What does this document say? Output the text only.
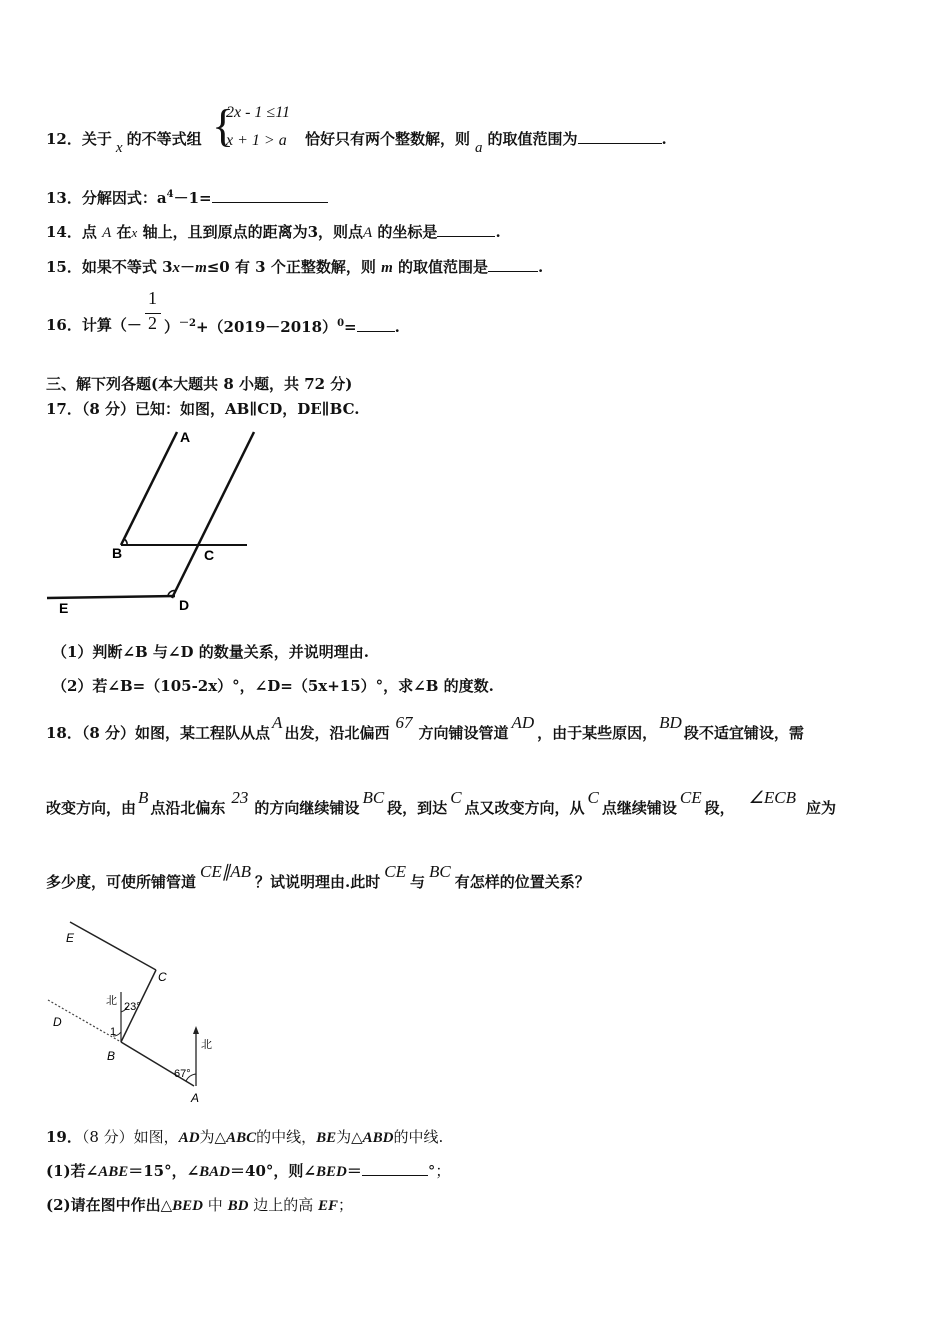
12．关于 x 的不等式组 {
2x - 1 ≤11
x + 1 > a 恰好只有两个整数解，则 a 的取值范围为	.
13．分解因式：$a^4-1=$
14．点 A 在x 轴上，且到原点的距离为3，则点A 的坐标是	.
15．如果不等式 3x－m≤0 有 3 个正整数解，则 m 的取值范围是	.
16．计算（－
1
2 ）$^{-2}+(2019-2018)^0=$	.
三、解下列各题(本大题共 8 小题，共 72 分)
17．（8 分）已知：如图，AB∥CD，DE∥BC.
A
B	C
D
E
（1）判断∠B 与∠D 的数量关系，并说明理由.
（2）若∠B=（105-2x）°，∠D=（5x+15）°，求∠B 的度数.
18．（8 分）如图，某工程队从点A出发，沿北偏西67方向铺设管道AD，由于某些原因，BD段不适宜铺设，需
改变方向，由B点沿北偏东23的方向继续铺设BC段，到达C点又改变方向，从C点继续铺设CE段，∠ECB应为
多少度，可使所铺管道CE∥AB？试说明理由.此时CE与BC有怎样的位置关系？
E
C
D
B
A
北
北
23°
67°
1
19．（8 分）如图，AD为△ABC的中线，BE为△ABD的中线.
(1)若∠ABE＝15°，∠BAD＝40°，则∠BED＝	°；
(2)请在图中作出△BED 中 BD 边上的高 EF；
